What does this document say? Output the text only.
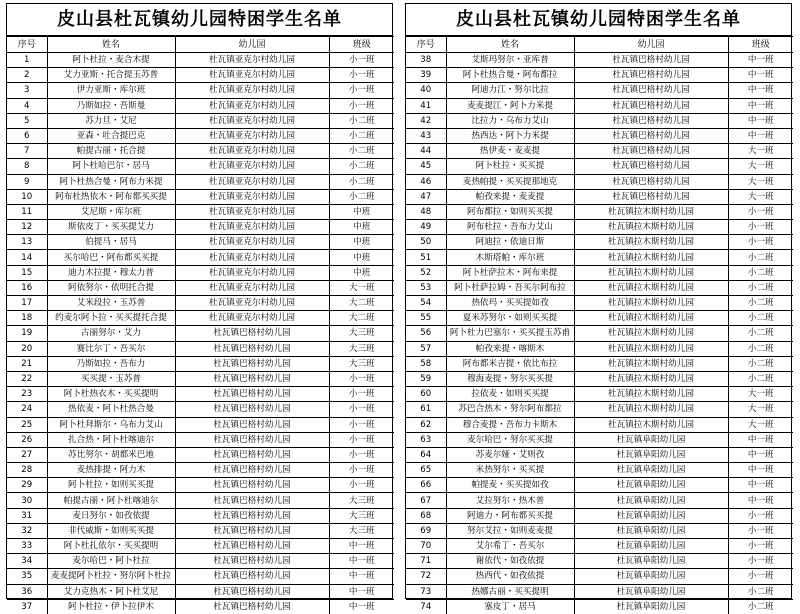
皮山县杜瓦镇幼儿园特困学生名单
序号	姓名	幼儿园	班级
1	阿卜杜拉・麦合木提	杜瓦镇亚克尔村幼儿园	小一班
2	艾力亚斯・托合提玉苏普	杜瓦镇亚克尔村幼儿园	小一班
3	伊力亚斯・库尔班	杜瓦镇亚克尔村幼儿园	小一班
4	乃斯如拉・吾斯曼	杜瓦镇亚克尔村幼儿园	小一班
5	苏力旦・艾尼	杜瓦镇亚克尔村幼儿园	小二班
6	亚森・吐合提巴克	杜瓦镇亚克尔村幼儿园	小二班
7	帕提古丽・托合提	杜瓦镇亚克尔村幼儿园	小二班
8	阿卜杜哈巴尔・居马	杜瓦镇亚克尔村幼儿园	小二班
9	阿卜杜热合曼・阿布力米提	杜瓦镇亚克尔村幼儿园	小二班
10	阿布杜热依木・阿布都买买提	杜瓦镇亚克尔村幼儿园	小二班
11	艾尼斯・库尔班	杜瓦镇亚克尔村幼儿园	中班
12	斯依皮丁・买买提艾力	杜瓦镇亚克尔村幼儿园	中班
13	伯提马・居马	杜瓦镇亚克尔村幼儿园	中班
14	买尔哈巴・阿布都买买提	杜瓦镇亚克尔村幼儿园	中班
15	迪力木拉提・穆太力普	杜瓦镇亚克尔村幼儿园	中班
16	阿依努尔・依明托合提	杜瓦镇亚克尔村幼儿园	大一班
17	艾米段拉・玉苏普	杜瓦镇亚克尔村幼儿园	大二班
18	约麦尔阿卜拉・买买提托合提	杜瓦镇亚克尔村幼儿园	大二班
19	古丽努尔・艾力	杜瓦镇巴格村幼儿园	大三班
20	赛比尔丁・吾买尔	杜瓦镇巴格村幼儿园	大三班
21	乃斯如拉・吾布力	杜瓦镇巴格村幼儿园	大三班
22	买买提・玉苏普	杜瓦镇巴格村幼儿园	小一班
23	阿卜杜热衣木・买买提明	杜瓦镇巴格村幼儿园	小一班
24	热依麦・阿卜杜热合曼	杜瓦镇巴格村幼儿园	小一班
25	阿卜杜拜斯尔・乌布力艾山	杜瓦镇巴格村幼儿园	小一班
26	扎合热・阿卜杜喀迪尔	杜瓦镇巴格村幼儿园	小一班
27	苏比努尔・胡都米巴地	杜瓦镇巴格村幼儿园	小一班
28	麦热排提・阿力木	杜瓦镇巴格村幼儿园	小一班
29	阿卜杜拉・如则买买提	杜瓦镇巴格村幼儿园	小一班
30	帕提古丽・阿卜杜喀迪尔	杜瓦镇巴格村幼儿园	大三班
31	麦日努尔・如孜依提	杜瓦镇巴格村幼儿园	大三班
32	非代威斯・如则买买提	杜瓦镇巴格村幼儿园	大三班
33	阿卜杜扎依尔・买买提明	杜瓦镇巴格村幼儿园	中一班
34	麦尔哈巴・阿卜杜拉	杜瓦镇巴格村幼儿园	中一班
35	麦麦提阿卜杜拉・努尔阿卜杜拉	杜瓦镇巴格村幼儿园	中一班
36	艾力克热木・阿卜杜艾尼	杜瓦镇巴格村幼儿园	中一班
37	阿卜杜拉・伊卜拉伊木	杜瓦镇巴格村幼儿园	中一班
皮山县杜瓦镇幼儿园特困学生名单
序号	姓名	幼儿园	班级
38	艾斯玛努尔・亚库普	杜瓦镇巴格村幼儿园	中一班
39	阿卜杜热合曼・阿布都拉	杜瓦镇巴格村幼儿园	中一班
40	阿迪力江・努尔比拉	杜瓦镇巴格村幼儿园	中一班
41	麦麦提江・阿卜力米提	杜瓦镇巴格村幼儿园	中一班
42	比拉力・乌布力艾山	杜瓦镇巴格村幼儿园	中一班
43	热西达・阿卜力米提	杜瓦镇巴格村幼儿园	中一班
44	热伊麦・麦麦提	杜瓦镇巴格村幼儿园	大一班
45	阿卜杜拉・买买提	杜瓦镇巴格村幼儿园	大一班
46	麦热帕提・买买提那地克	杜瓦镇巴格村幼儿园	大一班
47	帕孜来提・麦麦提	杜瓦镇巴格村幼儿园	大一班
48	阿布都拉・如则买买提	杜瓦镇拉木斯村幼儿园	小一班
49	阿布杜拉・吾布力艾山	杜瓦镇拉木斯村幼儿园	小一班
50	阿迪拉・依迪日斯	杜瓦镇拉木斯村幼儿园	小一班
51	木斯塔帕・库尔班	杜瓦镇拉木斯村幼儿园	小二班
52	阿卜杜萨拉木・阿布来提	杜瓦镇拉木斯村幼儿园	小二班
53	阿卜杜萨拉姆・吾买尔阿布拉	杜瓦镇拉木斯村幼儿园	小二班
54	热依玛・买买提如孜	杜瓦镇拉木斯村幼儿园	小二班
55	夏米苏努尔・如则买买提	杜瓦镇拉木斯村幼儿园	小二班
56	阿卜杜力巴塞尔・买买提玉苏甫	杜瓦镇拉木斯村幼儿园	小二班
57	帕孜来提・喀斯木	杜瓦镇拉木斯村幼儿园	小二班
58	阿布都米吉提・依比布拉	杜瓦镇拉木斯村幼儿园	小二班
59	穆海麦提・努尔买买提	杜瓦镇拉木斯村幼儿园	小二班
60	拉依麦・如则买买提	杜瓦镇拉木斯村幼儿园	大一班
61	苏巴合热木・努尔阿布都拉	杜瓦镇拉木斯村幼儿园	大一班
62	穆合麦提・吾布力卡斯木	杜瓦镇拉木斯村幼儿园	大一班
63	麦尔哈巴・努尔买买提	杜瓦镇阜阳幼儿园	中一班
64	苏麦尔娅・艾则孜	杜瓦镇阜阳幼儿园	中一班
65	米热努尔・买买提	杜瓦镇阜阳幼儿园	中一班
66	帕提麦・买买提如孜	杜瓦镇阜阳幼儿园	中一班
67	艾拉努尔・热木普	杜瓦镇阜阳幼儿园	中一班
68	阿迪力・阿布都买买提	杜瓦镇阜阳幼儿园	小一班
69	努尔艾拉・如则麦麦提	杜瓦镇阜阳幼儿园	小一班
70	艾尔希丁・吾买尔	杜瓦镇阜阳幼儿园	小一班
71	谢依代・如孜依提	杜瓦镇阜阳幼儿园	小一班
72	热西代・如孜依提	杜瓦镇阜阳幼儿园	小一班
73	热娜古丽・买买提明	杜瓦镇阜阳幼儿园	小二班
74	塞皮丁・居马	杜瓦镇阜阳幼儿园	小二班
